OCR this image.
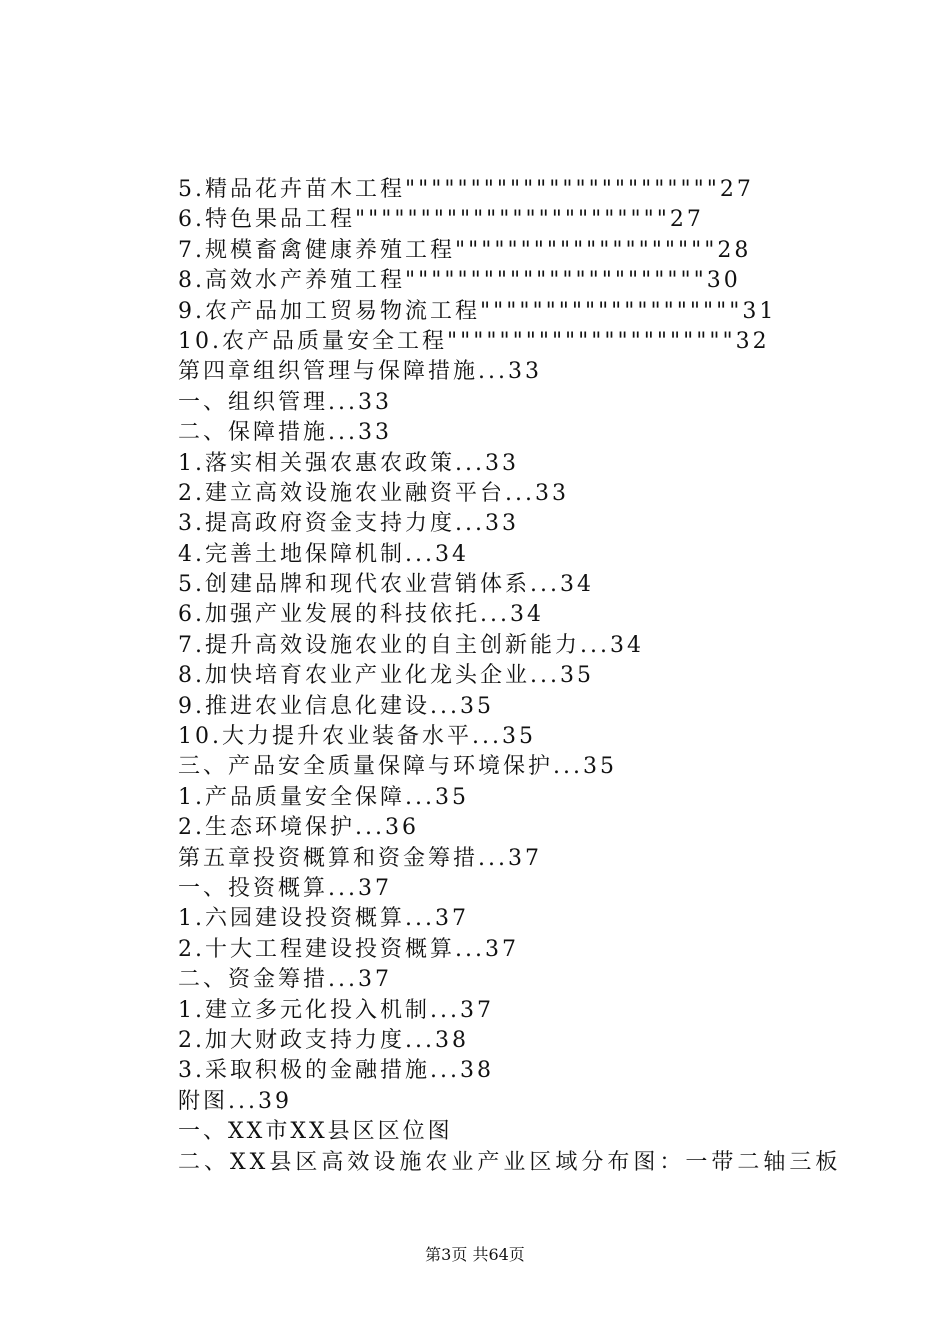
5.精品花卉苗木工程""""""""""""""""""""""""27
6.特色果品工程""""""""""""""""""""""""27
7.规模畜禽健康养殖工程""""""""""""""""""""28
8.高效水产养殖工程"""""""""""""""""""""""30
9.农产品加工贸易物流工程""""""""""""""""""""31
10.农产品质量安全工程""""""""""""""""""""""32
第四章组织管理与保障措施...33
一、组织管理...33
二、保障措施...33
1.落实相关强农惠农政策...33
2.建立高效设施农业融资平台...33
3.提高政府资金支持力度...33
4.完善土地保障机制...34
5.创建品牌和现代农业营销体系...34
6.加强产业发展的科技依托...34
7.提升高效设施农业的自主创新能力...34
8.加快培育农业产业化龙头企业...35
9.推进农业信息化建设...35
10.大力提升农业装备水平...35
三、产品安全质量保障与环境保护...35
1.产品质量安全保障...35
2.生态环境保护...36
第五章投资概算和资金筹措...37
一、投资概算...37
1.六园建设投资概算...37
2.十大工程建设投资概算...37
二、资金筹措...37
1.建立多元化投入机制...37
2.加大财政支持力度...38
3.采取积极的金融措施...38
附图...39
一、XX市XX县区区位图
二、XX县区高效设施农业产业区域分布图：一带二轴三板
第3页 共64页
